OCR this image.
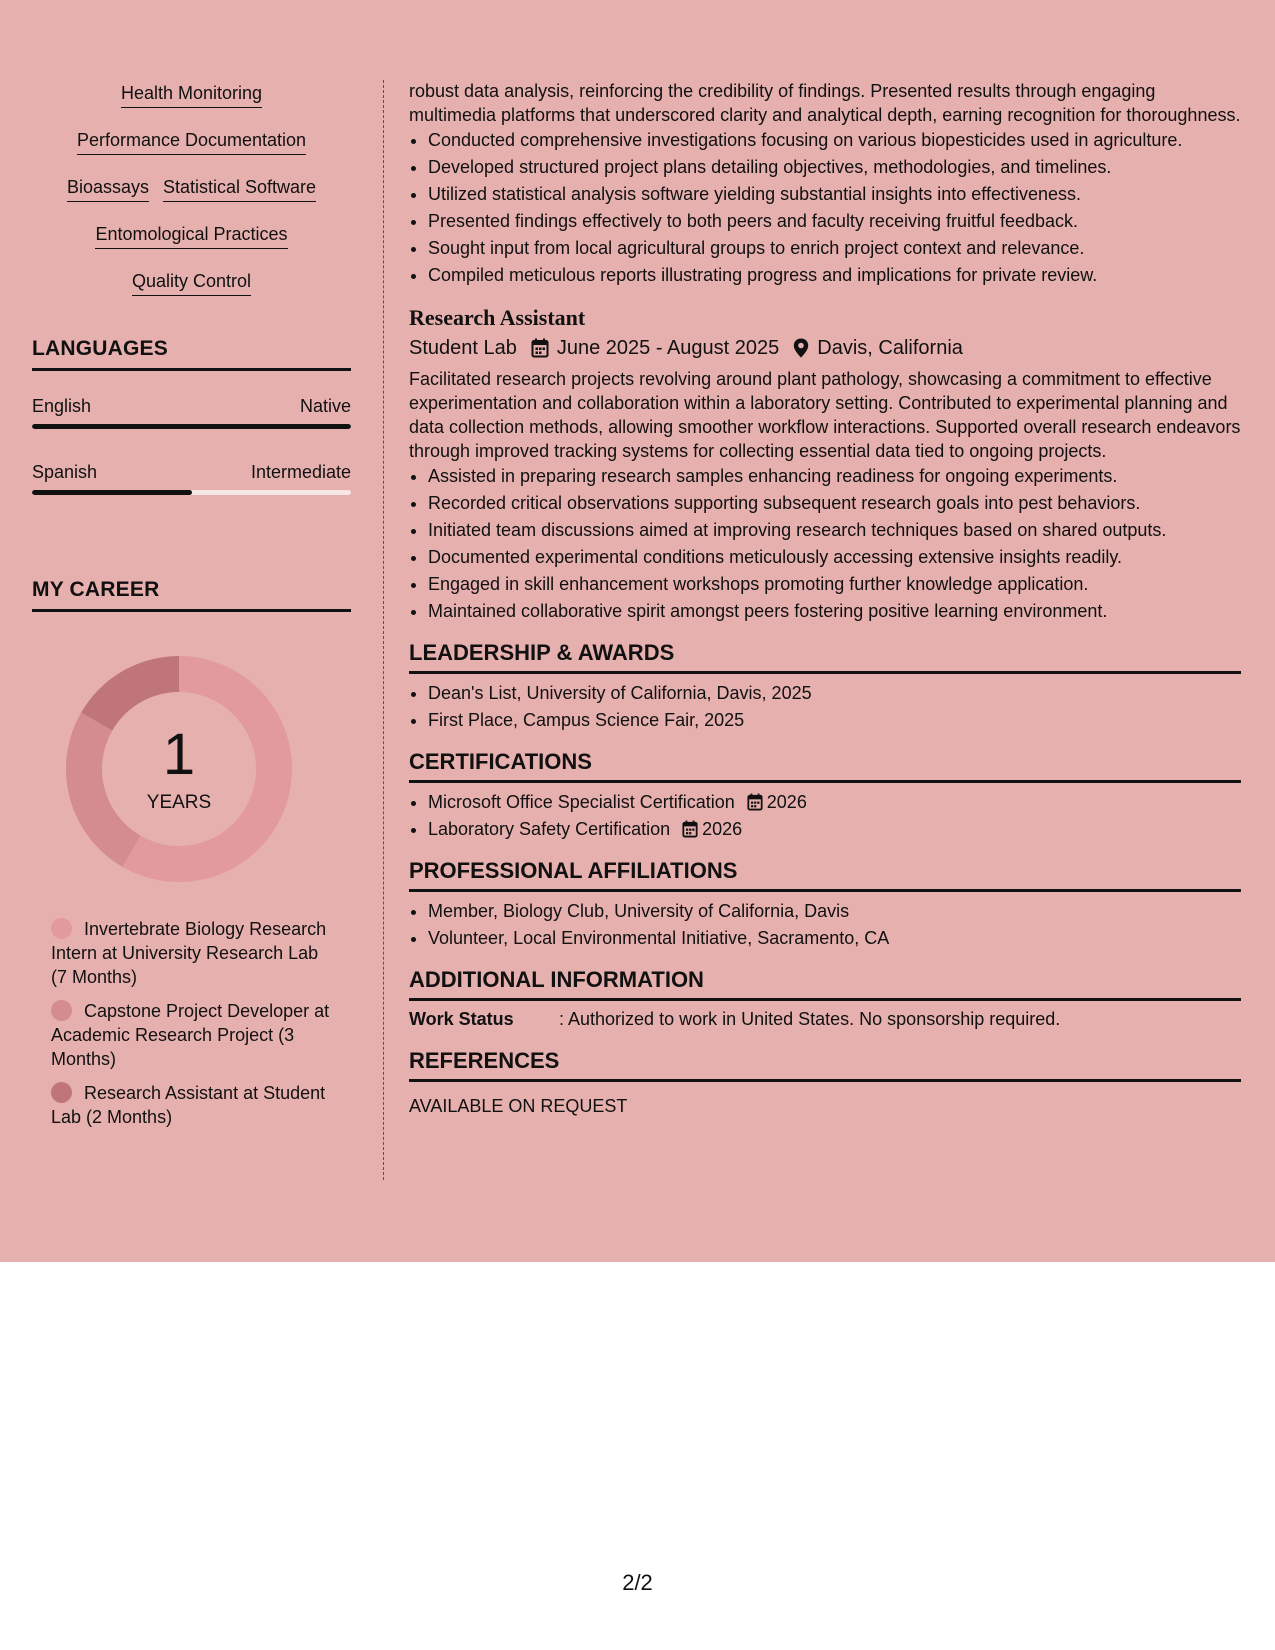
Health Monitoring
Performance Documentation
Bioassays Statistical Software
Entomological Practices
Quality Control
LANGUAGES
English	Native
Spanish	Intermediate
MY CAREER
1
YEARS
Invertebrate Biology Research Intern at University Research Lab (7 Months)
Capstone Project Developer at Academic Research Project (3 Months)
Research Assistant at Student Lab (2 Months)

robust data analysis, reinforcing the credibility of findings. Presented results through engaging multimedia platforms that underscored clarity and analytical depth, earning recognition for thoroughness.

• Conducted comprehensive investigations focusing on various biopesticides used in agriculture.
• Developed structured project plans detailing objectives, methodologies, and timelines.
• Utilized statistical analysis software yielding substantial insights into effectiveness.
• Presented findings effectively to both peers and faculty receiving fruitful feedback.
• Sought input from local agricultural groups to enrich project context and relevance.
• Compiled meticulous reports illustrating progress and implications for private review.
Research Assistant
Student Lab June 2025 - August 2025 Davis, California

Facilitated research projects revolving around plant pathology, showcasing a commitment to effective experimentation and collaboration within a laboratory setting. Contributed to experimental planning and data collection methods, allowing smoother workflow interactions. Supported overall research endeavors through improved tracking systems for collecting essential data tied to ongoing projects.

• Assisted in preparing research samples enhancing readiness for ongoing experiments.
• Recorded critical observations supporting subsequent research goals into pest behaviors.
• Initiated team discussions aimed at improving research techniques based on shared outputs.
• Documented experimental conditions meticulously accessing extensive insights readily.
• Engaged in skill enhancement workshops promoting further knowledge application.
• Maintained collaborative spirit amongst peers fostering positive learning environment.
LEADERSHIP & AWARDS
• Dean's List, University of California, Davis, 2025
• First Place, Campus Science Fair, 2025
CERTIFICATIONS
• Microsoft Office Specialist Certification 2026
• Laboratory Safety Certification 2026
PROFESSIONAL AFFILIATIONS
• Member, Biology Club, University of California, Davis
• Volunteer, Local Environmental Initiative, Sacramento, CA
ADDITIONAL INFORMATION
Work Status	: Authorized to work in United States. No sponsorship required.
REFERENCES
AVAILABLE ON REQUEST
2/2
